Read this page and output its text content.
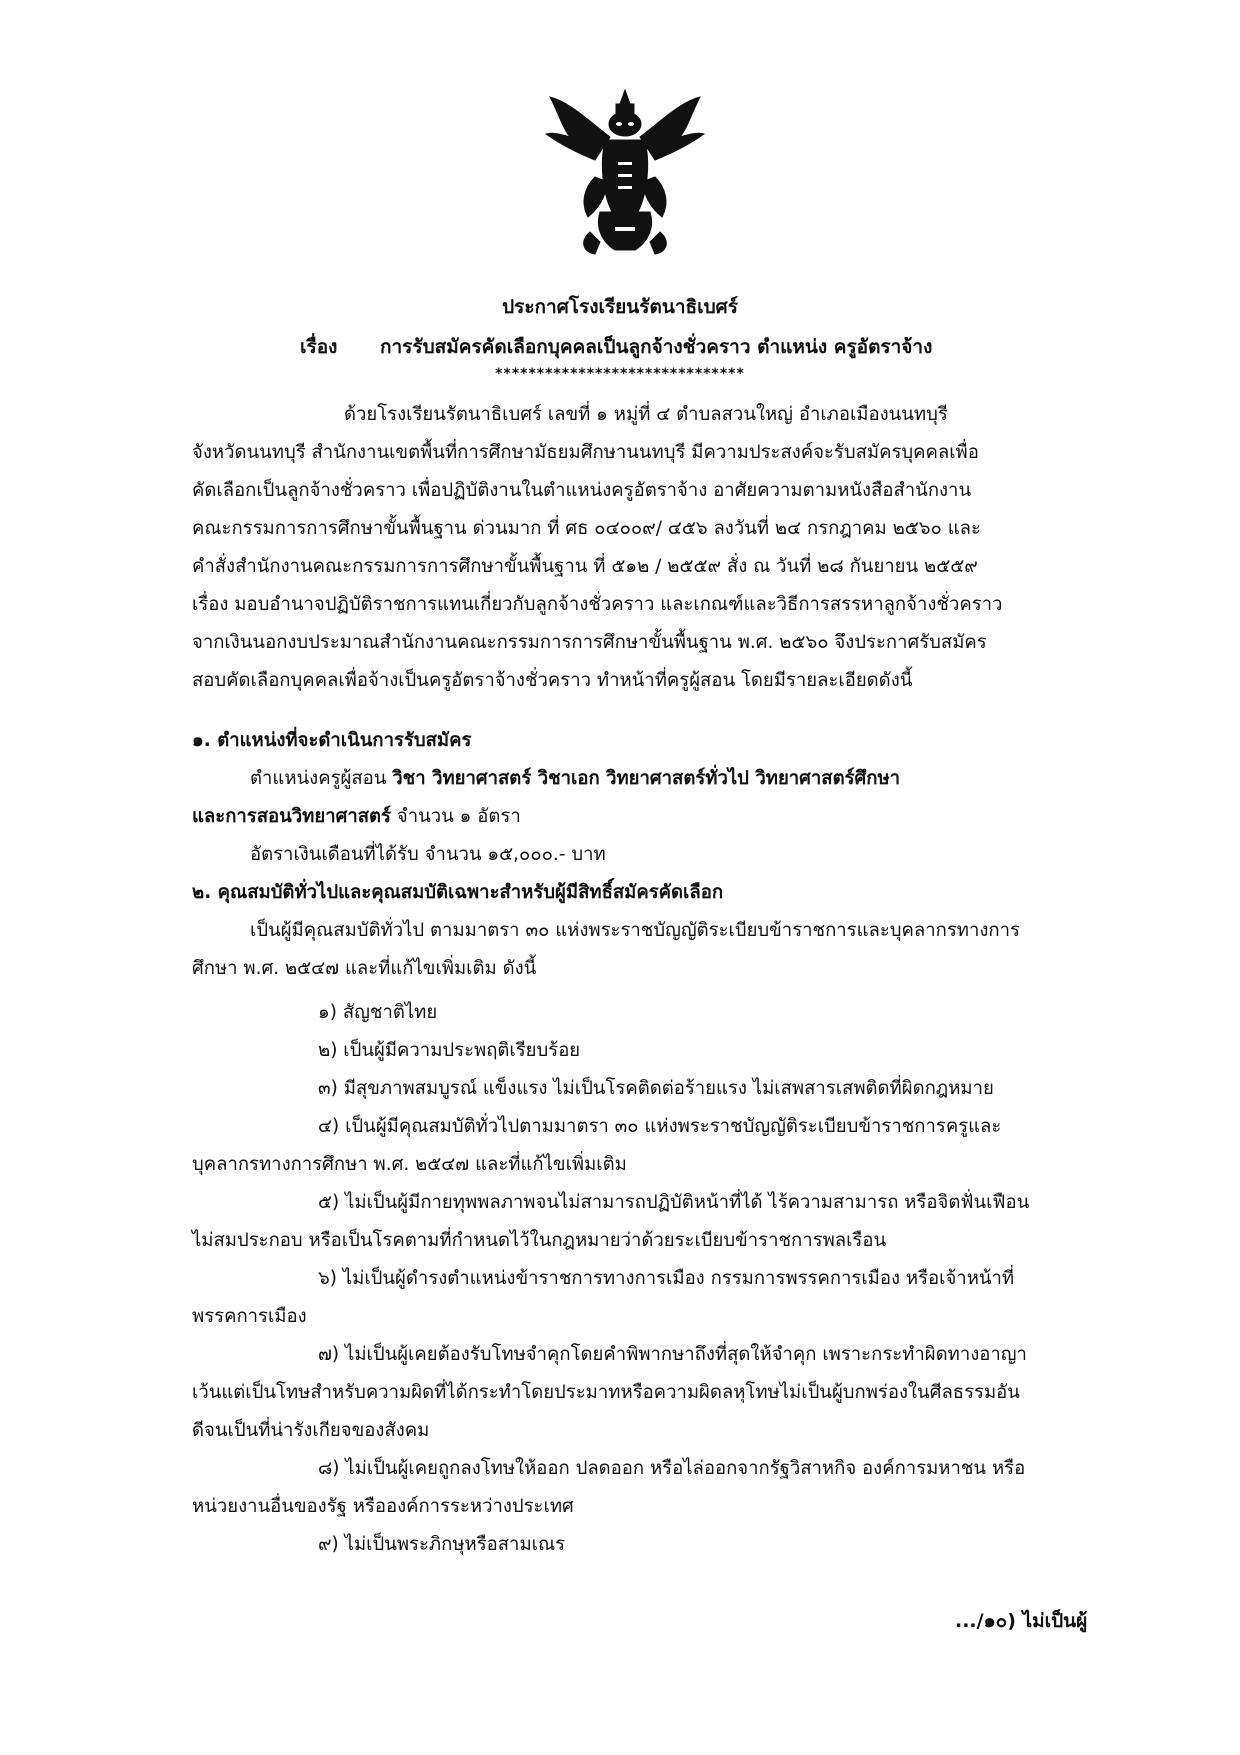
ประกาศโรงเรียนรัตนาธิเบศร์
เรื่อง การรับสมัครคัดเลือกบุคคลเป็นลูกจ้างชั่วคราว ตำแหน่ง ครูอัตราจ้าง
******************************
ด้วยโรงเรียนรัตนาธิเบศร์ เลขที่ ๑ หมู่ที่ ๔ ตำบลสวนใหญ่ อำเภอเมืองนนทบุรี
จังหวัดนนทบุรี สำนักงานเขตพื้นที่การศึกษามัธยมศึกษานนทบุรี มีความประสงค์จะรับสมัครบุคคลเพื่อ
คัดเลือกเป็นลูกจ้างชั่วคราว เพื่อปฏิบัติงานในตำแหน่งครูอัตราจ้าง อาศัยความตามหนังสือสำนักงาน
คณะกรรมการการศึกษาขั้นพื้นฐาน ด่วนมาก ที่ ศธ ๐๔๐๐๙/ ๔๕๖ ลงวันที่ ๒๔ กรกฎาคม ๒๕๖๐ และ
คำสั่งสำนักงานคณะกรรมการการศึกษาขั้นพื้นฐาน ที่ ๕๑๒ / ๒๕๕๙ สั่ง ณ วันที่ ๒๘ กันยายน ๒๕๕๙
เรื่อง มอบอำนาจปฏิบัติราชการแทนเกี่ยวกับลูกจ้างชั่วคราว และเกณฑ์และวิธีการสรรหาลูกจ้างชั่วคราว
จากเงินนอกงบประมาณสำนักงานคณะกรรมการการศึกษาขั้นพื้นฐาน พ.ศ. ๒๕๖๐ จึงประกาศรับสมัคร
สอบคัดเลือกบุคคลเพื่อจ้างเป็นครูอัตราจ้างชั่วคราว ทำหน้าที่ครูผู้สอน โดยมีรายละเอียดดังนี้
๑. ตำแหน่งที่จะดำเนินการรับสมัคร
ตำแหน่งครูผู้สอน วิชา วิทยาศาสตร์ วิชาเอก วิทยาศาสตร์ทั่วไป วิทยาศาสตร์ศึกษา
และการสอนวิทยาศาสตร์ จำนวน ๑ อัตรา
อัตราเงินเดือนที่ได้รับ จำนวน ๑๕,๐๐๐.- บาท
๒. คุณสมบัติทั่วไปและคุณสมบัติเฉพาะสำหรับผู้มีสิทธิ์สมัครคัดเลือก
เป็นผู้มีคุณสมบัติทั่วไป ตามมาตรา ๓๐ แห่งพระราชบัญญัติระเบียบข้าราชการและบุคลากรทางการ
ศึกษา พ.ศ. ๒๕๔๗ และที่แก้ไขเพิ่มเติม ดังนี้
๑) สัญชาติไทย
๒) เป็นผู้มีความประพฤติเรียบร้อย
๓) มีสุขภาพสมบูรณ์ แข็งแรง ไม่เป็นโรคติดต่อร้ายแรง ไม่เสพสารเสพติดที่ผิดกฎหมาย
๔) เป็นผู้มีคุณสมบัติทั่วไปตามมาตรา ๓๐ แห่งพระราชบัญญัติระเบียบข้าราชการครูและ
บุคลากรทางการศึกษา พ.ศ. ๒๕๔๗ และที่แก้ไขเพิ่มเติม
๕) ไม่เป็นผู้มีกายทุพพลภาพจนไม่สามารถปฏิบัติหน้าที่ได้ ไร้ความสามารถ หรือจิตฟั่นเฟือน
ไม่สมประกอบ หรือเป็นโรคตามที่กำหนดไว้ในกฎหมายว่าด้วยระเบียบข้าราชการพลเรือน
๖) ไม่เป็นผู้ดำรงตำแหน่งข้าราชการทางการเมือง กรรมการพรรคการเมือง หรือเจ้าหน้าที่
พรรคการเมือง
๗) ไม่เป็นผู้เคยต้องรับโทษจำคุกโดยคำพิพากษาถึงที่สุดให้จำคุก เพราะกระทำผิดทางอาญา
เว้นแต่เป็นโทษสำหรับความผิดที่ได้กระทำโดยประมาทหรือความผิดลหุโทษไม่เป็นผู้บกพร่องในศีลธรรมอัน
ดีจนเป็นที่น่ารังเกียจของสังคม
๘) ไม่เป็นผู้เคยถูกลงโทษให้ออก ปลดออก หรือไล่ออกจากรัฐวิสาหกิจ องค์การมหาชน หรือ
หน่วยงานอื่นของรัฐ หรือองค์การระหว่างประเทศ
๙) ไม่เป็นพระภิกษุหรือสามเณร
.../๑๐) ไม่เป็นผู้
